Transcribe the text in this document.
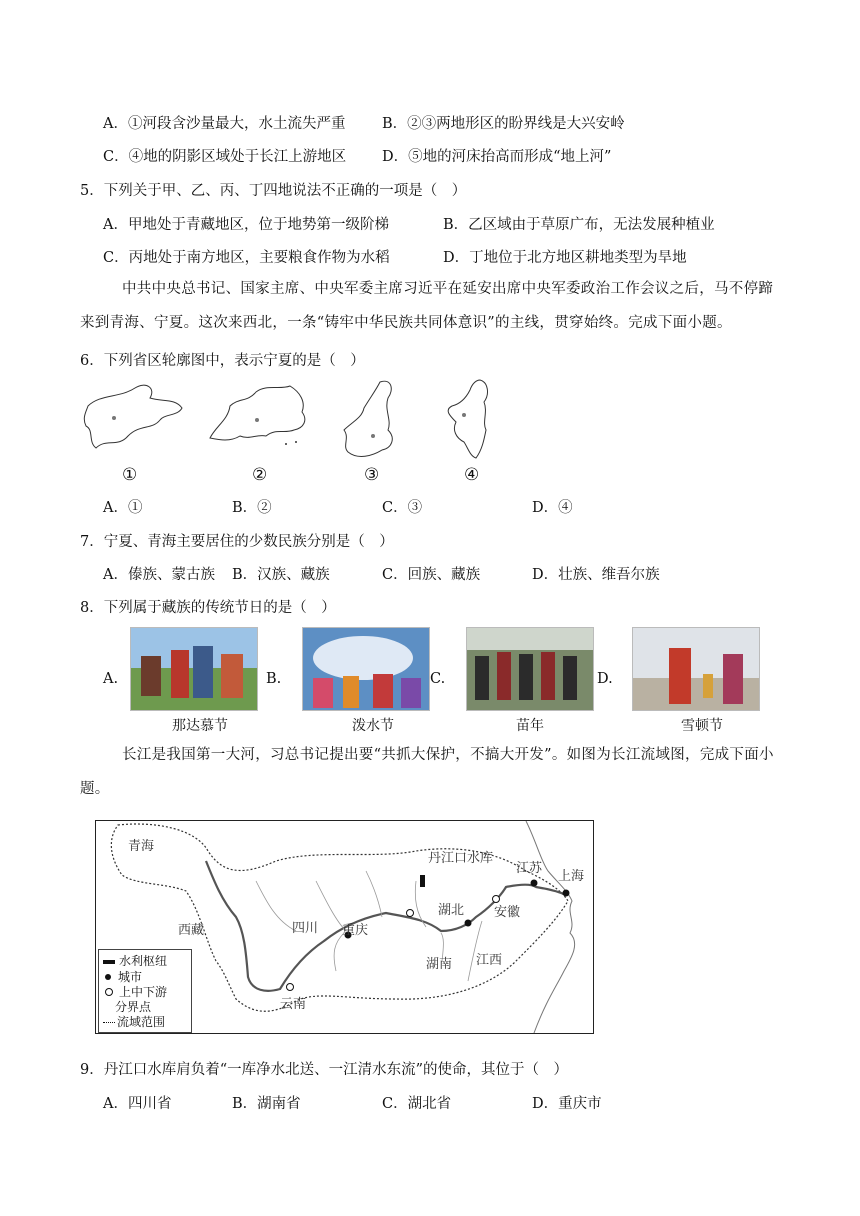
A．①河段含沙量最大，水土流失严重	B．②③两地形区的盼界线是大兴安岭
C．④地的阴影区域处于长江上游地区 D．⑤地的河床抬高而形成“地上河”
5．下列关于甲、乙、丙、丁四地说法不正确的一项是（　）
A．甲地处于青藏地区，位于地势第一级阶梯	B．乙区域由于草原广布，无法发展种植业
C．丙地处于南方地区，主要粮食作物为水稻	D．丁地位于北方地区耕地类型为旱地
中共中央总书记、国家主席、中央军委主席习近平在延安出席中央军委政治工作会议之后，马不停蹄来到青海、宁夏。这次来西北，一条“铸牢中华民族共同体意识”的主线，贯穿始终。完成下面小题。
6．下列省区轮廓图中，表示宁夏的是（　）
①	②	③	④
A．①	B．②	C．③	D．④
7．宁夏、青海主要居住的少数民族分别是（　）
A．傣族、蒙古族 B．汉族、藏族	C．回族、藏族	D．壮族、维吾尔族
8．下列属于藏族的传统节日的是（　）
A.
那达慕节
B.
泼水节
C.
苗年
D.
雪顿节
长江是我国第一大河，习总书记提出要“共抓大保护，不搞大开发”。如图为长江流域图，完成下面小题。
青海
西藏	四川 重庆
云南
湖北
湖南 江西
安徽
江苏
上海
丹江口水库
水利枢纽
城市
上中下游
分界点
流域范围
9．丹江口水库肩负着“一库净水北送、一江清水东流”的使命，其位于（　）
A．四川省	B．湖南省	C．湖北省	D．重庆市
